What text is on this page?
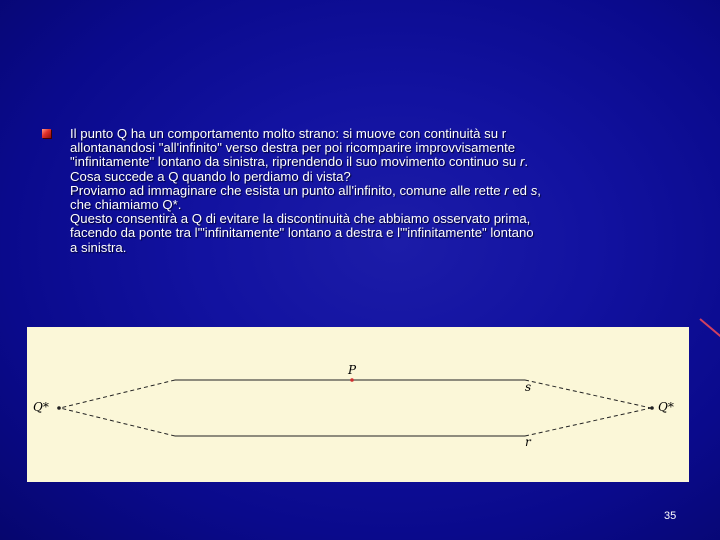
Il punto Q ha un comportamento molto strano: si muove con continuità su r
allontanandosi "all'infinito" verso destra per poi ricomparire improvvisamente
"infinitamente" lontano da sinistra, riprendendo il suo movimento continuo su r.
Cosa succede a Q quando lo perdiamo di vista?
Proviamo ad immaginare che esista un punto all'infinito, comune alle rette r ed s,
che chiamiamo Q*.
Questo consentirà a Q di evitare la discontinuità che abbiamo osservato prima,
facendo da ponte tra l'"infinitamente" lontano a destra e l'"infinitamente" lontano
a sinistra.
P
s
r
Q*	Q*
35
